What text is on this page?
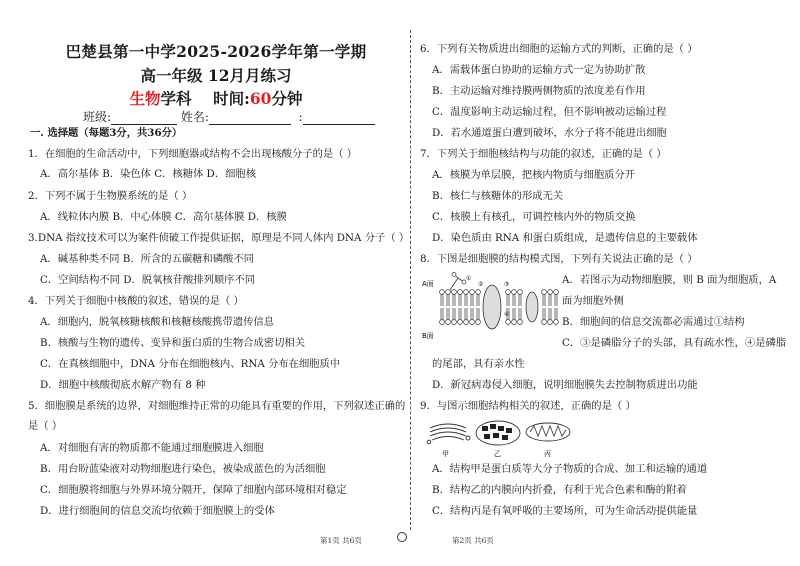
巴楚县第一中学2025-2026学年第一学期
高一年级 12月月练习
生物学科 时间:60分钟
班级:	姓名:	:
一. 选择题（每题3分，共36分）
1．在细胞的生命活动中，下列细胞器或结构不会出现核酸分子的是（ ）
A．高尔基体 B．染色体 C．核糖体 D．细胞核
2．下列不属于生物膜系统的是（ ）
A．线粒体内膜 B．中心体膜 C．高尔基体膜 D．核膜
3.DNA 指纹技术可以为案件侦破工作提供证据，原理是不同人体内 DNA 分子（ ）
A．碱基种类不同 B．所含的五碳糖和磷酸不同
C．空间结构不同 D．脱氧核苷酸排列顺序不同
4．下列关于细胞中核酸的叙述，错误的是（ ）
A．细胞内，脱氧核糖核酸和核糖核酸携带遗传信息
B．核酸与生物的遗传、变异和蛋白质的生物合成密切相关
C．在真核细胞中，DNA 分布在细胞核内、RNA 分布在细胞质中
D．细胞中核酸彻底水解产物有 8 种
5．细胞膜是系统的边界，对细胞维持正常的功能具有重要的作用，下列叙述正确的
是（ ）
A．对细胞有害的物质都不能通过细胞膜进入细胞
B．用台盼蓝染液对动物细胞进行染色，被染成蓝色的为活细胞
C．细胞膜将细胞与外界环境分隔开，保障了细胞内部环境相对稳定
D．进行细胞间的信息交流均依赖于细胞膜上的受体
6．下列有关物质进出细胞的运输方式的判断，正确的是（ ）
A．需载体蛋白协助的运输方式一定为协助扩散
B．主动运输对维持膜两侧物质的浓度差有作用
C．温度影响主动运输过程，但不影响被动运输过程
D．若水通道蛋白遭到破坏，水分子将不能进出细胞
7．下列关于细胞核结构与功能的叙述，正确的是（ ）
A．核膜为单层膜，把核内物质与细胞质分开
B．核仁与核糖体的形成无关
C．核膜上有核孔，可调控核内外的物质交换
D．染色质由 RNA 和蛋白质组成，是遗传信息的主要载体
8．下图是细胞膜的结构模式图，下列有关说法正确的是（ ）
A面
B面
①
②	③
④
A．若图示为动物细胞膜，则 B 面为细胞质，A
面为细胞外侧
B．细胞间的信息交流都必需通过①结构
C．③是磷脂分子的头部，具有疏水性，④是磷脂
的尾部，具有亲水性
D．新冠病毒侵入细胞，说明细胞膜失去控制物质进出功能
9．与图示细胞结构相关的叙述，正确的是（ ）
甲	乙	丙
A．结构甲是蛋白质等大分子物质的合成、加工和运输的通道
B．结构乙的内膜向内折叠，有利于光合色素和酶的附着
C．结构丙是有氧呼吸的主要场所，可为生命活动提供能量
第1页 共6页	第2页 共6页
